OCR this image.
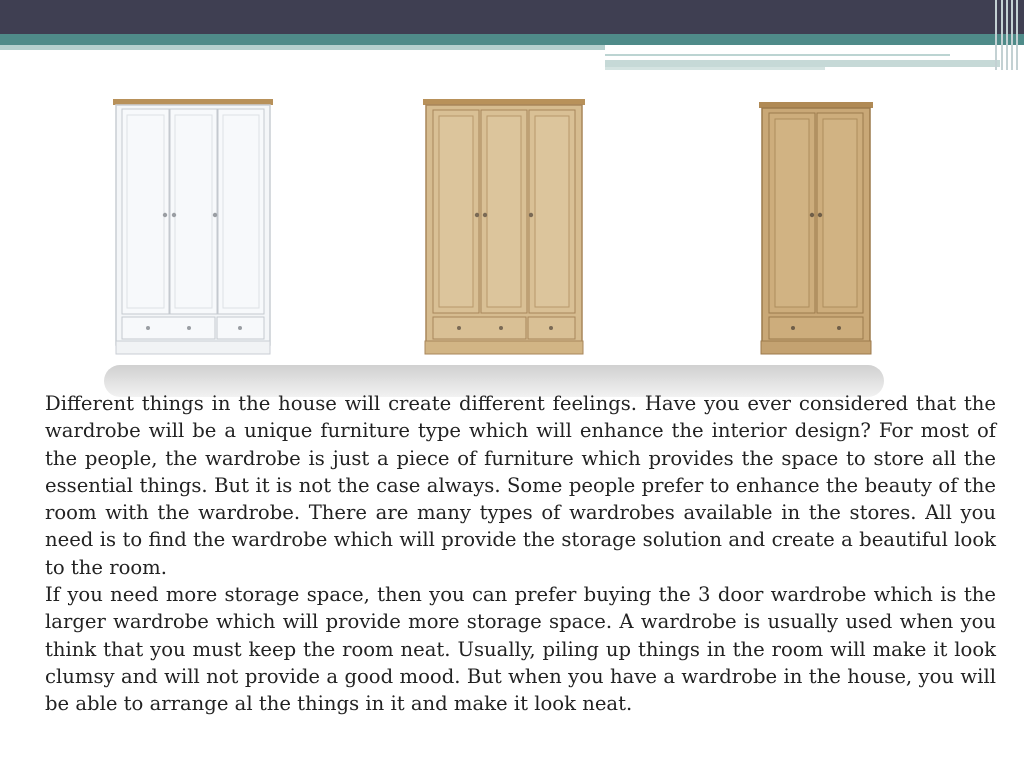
Different things in the house will create different feelings. Have you ever considered that the wardrobe will be a unique furniture type which will enhance the interior design? For most of the people, the wardrobe is just a piece of furniture which provides the space to store all the essential things. But it is not the case always. Some people prefer to enhance the beauty of the room with the wardrobe. There are many types of wardrobes available in the stores. All you need is to find the wardrobe which will provide the storage solution and create a beautiful look to the room.

If you need more storage space, then you can prefer buying the 3 door wardrobe which is the larger wardrobe which will provide more storage space. A wardrobe is usually used when you think that you must keep the room neat. Usually, piling up things in the room will make it look clumsy and will not provide a good mood. But when you have a wardrobe in the house, you will be able to arrange al the things in it and make it look neat.
